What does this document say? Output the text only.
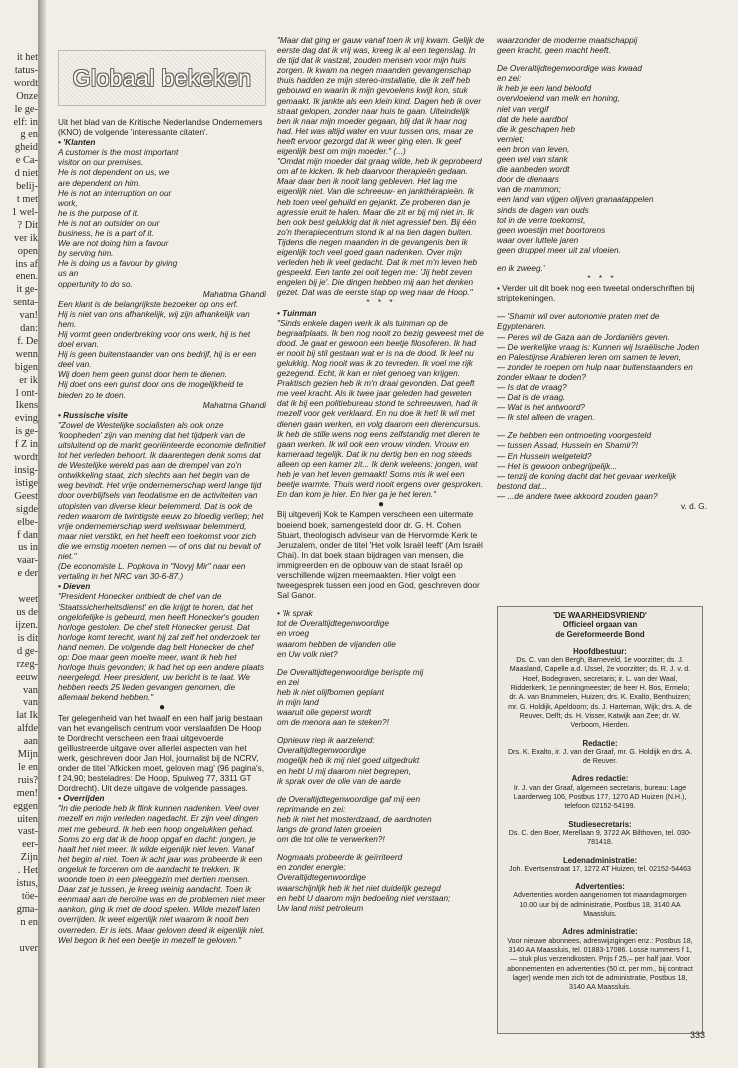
it het
tatus-
wordt
Onze
le ge-
elf: in
g en
gheid
e Ca-
d niet
belij-
t met
1 wel-
? Dit
ver ik
open
ins af
enen.
it ge-
senta-
van!
dan:
f. De
wenn
bigen
er ik
l ont-
Ikens
eving
is ge-
f Z in
wordt
insig-
istige
Geest
sigde
elbe-
f dan
us in
vaar-
e der
weet
us de
ijzen.
is dit
d ge-
rzeg-
eeuw
van
van
lat Ik
alfde
aan
Mijn
le en
ruis?
men!
eggen
uiten
vast-
eer-
Zijn
. Het
istus,
töe-
gma-
n en
uver
Globaal bekeken

Uit het blad van de Kritische Nederlandse Ondernemers (KNO) de volgende 'interessante citaten'.

• 'Klanten

A customer is the most important
visitor on our premises.
He is not dependent on us, we
are dependent on him.
He is not an interruption on our
work,
he is the purpose of it.
He is not an outsider on our
business, he is a part of it.
We are not doing him a favour
by serving him.
He is doing us a favour by giving
us an
oppertunity to do so.

Mahatma Ghandi

Een klant is de belangrijkste bezoeker op ons erf.
Hij is niet van ons afhankelijk, wij zijn afhankelijk van hem.
Hij vormt geen onderbreking voor ons werk, hij is het doel ervan.
Hij is geen buitenstaander van ons bedrijf, hij is er een deel van.
Wij doen hem geen gunst door hem te dienen.
Hij doet ons een gunst door ons de mogelijkheid te bieden zo te doen.

Mahatma Ghandi

• Russische visite

"Zowel de Westelijke socialisten als ook onze 'koopheden' zijn van mening dat het tijdperk van de uitsluitend op de markt georiënteerde economie definitief tot het verleden behoort. Ik daarentegen denk soms dat de Westelijke wereld pas aan de drempel van zo'n ontwikkeling staat, zich slechts aan het begin van de weg bevindt. Het vrije ondernemerschap werd lange tijd door overblijfsels van feodalisme en de activiteiten van utopisten van diverse kleur belemmerd. Dat is ook de reden waarom de twintigste eeuw zo bloedig verliep; het vrije ondernemerschap werd weliswaar belemmerd, maar niet verstikt, en het heeft een toekomst voor zich die we ernstig moeten nemen — of ons dat nu bevalt of niet."

(De economiste L. Popkova in "Novyj Mir" naar een vertaling in het NRC van 30-6-87.)

• Dieven

"President Honecker ontbiedt de chef van de 'Staatssicherheitsdienst' en die krijgt te horen, dat het ongelofelijke is gebeurd, men heeft Honecker's gouden horloge gestolen. De chef stelt Honecker gerust. Dat horloge komt terecht, want hij zal zelf het onderzoek ter hand nemen. De volgende dag belt Honecker de chef op: Doe maar geen moeite meer, want ik heb het horloge thuis gevonden; ik had het op een andere plaats neergelegd. Heer president, uw bericht is te laat. We hebben reeds 25 lieden gevangen genomen, die allemaal bekend hebben."

●

Ter gelegenheid van het twaalf en een half jarig bestaan van het evangelisch centrum voor verslaafden De Hoop te Dordrecht verscheen een fraai uitgevoerde geïllustreerde uitgave over allerlei aspecten van het werk, geschreven door Jan Hol, journalist bij de NCRV, onder de titel 'Afkicken moet, geloven mag' (96 pagina's, f 24,90; besteladres: De Hoop, Spuiweg 77, 3311 GT Dordrecht). Uit deze uitgave de volgende passages.

• Overrijden

"In die periode heb ik flink kunnen nadenken. Veel over mezelf en mijn verleden nagedacht. Er zijn veel dingen met me gebeurd. Ik heb een hoop ongelukken gehad. Soms zo erg dat ik de hoop opgaf en dacht: jongen, je haalt het niet meer. Ik wilde eigenlijk niet leven. Vanaf het begin al niet. Toen ik acht jaar was probeerde ik een ongeluk te forceren om de aandacht te trekken. Ik woonde toen in een pleeggezin met dertien mensen. Daar zat je tussen, je kreeg weinig aandacht. Toen ik eenmaal aan de heroïne was en de problemen niet meer aankon, ging ik met de dood spelen. Wilde mezelf laten overrijden. Ik weet eigenlijk niet waarom ik nooit ben overreden. Er is iets. Maar geloven deed ik eigenlijk niet. Wel begon ik het een beetje in mezelf te geloven."

"Maar dat ging er gauw vanaf toen ik vrij kwam. Gelijk de eerste dag dat ik vrij was, kreeg ik al een tegenslag. In de tijd dat ik vastzat, zouden mensen voor mijn huis zorgen. Ik kwam na negen maanden gevangenschap thuis hadden ze mijn stereo-installatie, die ik zelf heb gebouwd en waarin ik mijn gevoelens kwijt kon, stuk gemaakt. Ik jankte als een klein kind. Dagen heb ik over straat gelopen, zonder naar huis te gaan. Uiteindelijk ben ik naar mijn moeder gegaan, blij dat ik haar nog had. Het was altijd water en vuur tussen ons, maar ze heeft ervoor gezorgd dat ik weer ging eten. Ik geef eigenlijk best om mijn moeder." (...)

"Omdat mijn moeder dat graag wilde, heb ik geprobeerd om af te kicken. Ik heb daarvoor therapieën gedaan. Maar daar ben ik nooit lang gebleven. Het lag me eigenlijk niet. Van die schreeuw- en jankthérapieën. Ik heb toen veel gehuild en gejankt. Ze proberen dan je agressie eruit te halen. Maar die zit er bij mij niet in. Ik ben ook best gelukkig dat ik niet agressief ben. Bij één zo'n therapiecentrum stond ik al na tien dagen buiten. Tijdens die negen maanden in de gevangenis ben ik eigenlijk toch veel goed gaan nadenken. Over mijn verleden heb ik veel gedacht. Dat ik met m'n leven heb gespeeld. Een tante zei ooit tegen me: 'Jij hebt zeven engelen bij je'. Die dingen hebben mij aan het denken gezet. Dat was de eerste stap op weg naar de Hoop."

* * *

• Tuinman

"Sinds enkele dagen werk ik als tuinman op de begraafplaats. Ik ben nog nooit zo bezig geweest met de dood. Je gaat er gewoon een beetje filosoferen. Ik had er nooit bij stil gestaan wat er is na de dood. Ik leef nu gelukkig. Nog nooit was ik zo tevreden. Ik voel me rijk gezegend. Echt, ik kan er niet genoeg van krijgen. Praktisch gezien heb ik m'n draai gevonden. Dat geeft me veel kracht. Als ik twee jaar geleden had geweten dat ik bij een politiebureau stond te schreeuwen, had ik mezelf voor gek verklaard. En nu doe ik het! Ik wil met dienen gaan werken, en volg daarom een dierencursus. Ik heb de stille wens nog eens zelfstandig met dieren te gaan werken. Ik wil ook een vrouw vinden. Vrouw en kameraad tegelijk. Dat ik nu dertig ben en nog steeds alleen op een kamer zit... Ik denk weleens: jongen, wat heb je van het leven gemaakt! Soms mis ik wel een beetje warmte. Thuis werd nooit ergens over gesproken. En dan kom je hier. En hier ga je het leren."

●

Bij uitgeverij Kok te Kampen verscheen een uitermate boeiend boek, samengesteld door dr. G. H. Cohen Stuart, theologisch adviseur van de Hervormde Kerk te Jeruzalem, onder de titel 'Het volk Israël leeft' (Am Israël Chai). In dat boek staan bijdragen van mensen, die immigreerden en de opbouw van de staat Israël op verschillende wijzen meemaakten. Hier volgt een tweegesprek tussen een jood en God, geschreven door Sal Ganor.

• 'Ik sprak
tot de Overaltijdtegenwoordige
en vroeg
waarom hebben de vijanden olie
en Uw volk niet?
De Overaltijdtegenwoordige berispte mij
en zei
heb ik niet olijfbomen geplant
in mijn land
waaruit olie geperst wordt
om de menora aan te steken?!
Opnieuw riep ik aarzelend:
Overaltijdtegenwoordige
mogelijk heb ik mij niet goed uitgedrukt
en hebt U mij daarom niet begrepen,
ik sprak over de olie van de aarde
de Overaltijdtegenwoordige gaf mij een
reprimande en zei:
heb ik niet het mosterdzaad, de aardnoten
langs de grond laten groeien
om die tot olie te verwerken?!
Nogmaals probeerde ik geïrriteerd
en zonder energie:
Overaltijdtegenwoordige
waarschijnlijk heb ik het niet duidelijk gezegd
en hebt U daarom mijn bedoeling niet verstaan;
Uw land mist petroleum
waarzonder de moderne maatschappij
geen kracht, geen macht heeft.
De Overaltijdtegenwoordige was kwaad
en zei:
ik heb je een land beloofd
overvloeiend van melk en honing,
niet van vergif
dat de hele aardbol
die ik geschapen heb
verniet;
een bron van leven,
geen wel van stank
die aanbeden wordt
door de dienaars
van de mammon;
een land van vijgen olijven granaatappelen
sinds de dagen van ouds
tot in de verre toekomst,
geen woestijn met boortorens
waar over luttele jaren
geen druppel meer uit zal vloeien.

en ik zweeg.'

* * *

• Verder uit dit boek nog een tweetal onderschriften bij striptekeningen.

— 'Shamir wil over autonomie praten met de Egyptenaren.
— Peres wil de Gaza aan de Jordaniërs geven.
— De werkelijke vraag is: Kunnen wij Israëlische Joden en Palestijnse Arabieren leren om samen te leven,
— zonder te roepen om hulp naar buitenstaanders en zonder elkaar te doden?
— Is dat de vraag?
— Dat is de vraag.
— Wat is het antwoord?
— Ik stel alleen de vragen.
— Ze hebben een ontmoeting voorgesteld
— tussen Assad, Hussein en Shamir?!
— En Hussein welgeteld?
— Het is gewoon onbegrijpelijk...
— tenzij de koning dacht dat het gevaar werkelijk bestond dat...
— ...de andere twee akkoord zouden gaan?

v. d. G.

'DE WAARHEIDSVRIEND'
Officieel orgaan van
de Gereformeerde Bond
Hoofdbestuur:
Ds. C. van den Bergh, Barneveld, 1e voorzitter; ds. J. Maasland, Capelle a.d. IJssel, 2e voorzitter; ds. R. J. v. d. Hoef, Bodegraven, secretaris; ir. L. van der Waal, Ridderkerk, 1e penningmeester; de heer H. Bos, Ermelo; dr. A. van Brummelen, Huizen; drs. K. Exalto, Benthuizen; mr. G. Holdijk, Apeldoorn; ds. J. Harteman, Wijk; drs. A. de Reuver, Delft; ds. H. Visser, Katwijk aan Zee; dr. W. Verboom, Hierden.
Redactie:
Drs. K. Exalto, ir. J. van der Graaf, mr. G. Holdijk en drs. A. de Reuver.
Adres redactie:
Ir. J. van der Graaf, algemeen secretaris, bureau: Lage Laarderweg 106, Postbus 177, 1270 AD Huizen (N.H.), telefoon 02152-54199.
Studiesecretaris:
Ds. C. den Boer, Merellaan 9, 3722 AK Bilthoven, tel. 030-781418.
Ledenadministratie:
Joh. Evertsenstraat 17, 1272 AT Huizen, tel. 02152-54463
Advertenties:
Advertenties worden aangenomen tot maandagmorgen 10.00 uur bij de administratie, Postbus 18, 3140 AA Maassluis.
Adres administratie:
Voor nieuwe abonnees, adreswijzigingen enz.: Postbus 18, 3140 AA Maassluis, tel. 01883-17086. Losse nummers f 1,— stuk plus verzendkosten. Prijs f 25,– per half jaar. Voor abonnementen en advertenties (50 ct. per mm., bij contract lager) wende men zich tot de administratie, Postbus 18, 3140 AA Maassluis.
333
